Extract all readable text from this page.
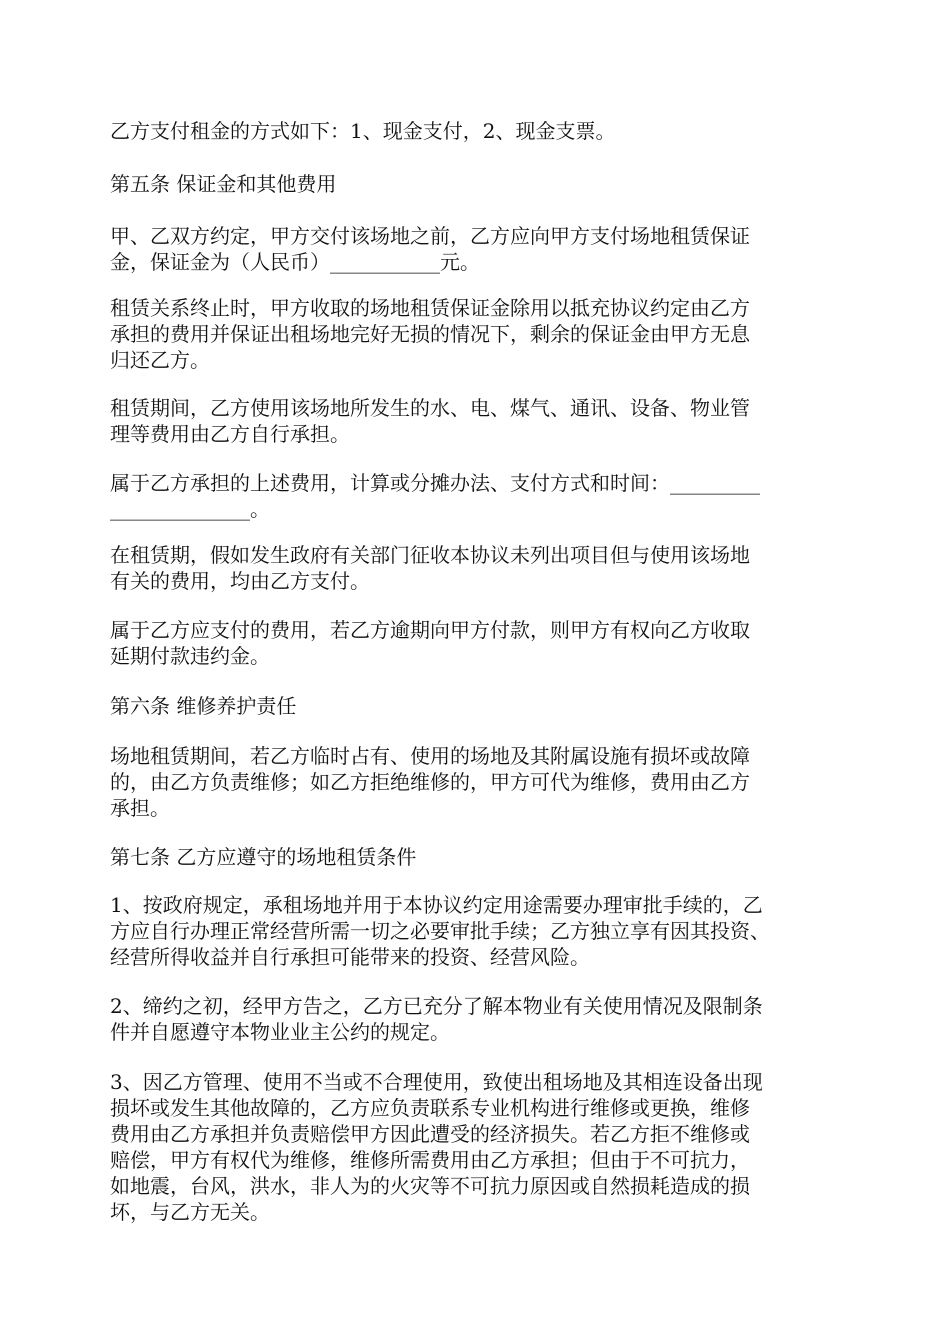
乙方支付租金的方式如下：1、现金支付，2、现金支票。
第五条 保证金和其他费用
甲、乙双方约定，甲方交付该场地之前，乙方应向甲方支付场地租赁保证
金，保证金为（人民币）___________元。
租赁关系终止时，甲方收取的场地租赁保证金除用以抵充协议约定由乙方
承担的费用并保证出租场地完好无损的情况下，剩余的保证金由甲方无息
归还乙方。
租赁期间，乙方使用该场地所发生的水、电、煤气、通讯、设备、物业管
理等费用由乙方自行承担。
属于乙方承担的上述费用，计算或分摊办法、支付方式和时间：_________
______________。
在租赁期，假如发生政府有关部门征收本协议未列出项目但与使用该场地
有关的费用，均由乙方支付。
属于乙方应支付的费用，若乙方逾期向甲方付款，则甲方有权向乙方收取
延期付款违约金。
第六条 维修养护责任
场地租赁期间，若乙方临时占有、使用的场地及其附属设施有损坏或故障
的，由乙方负责维修；如乙方拒绝维修的，甲方可代为维修，费用由乙方
承担。
第七条 乙方应遵守的场地租赁条件
1、按政府规定，承租场地并用于本协议约定用途需要办理审批手续的，乙
方应自行办理正常经营所需一切之必要审批手续；乙方独立享有因其投资、
经营所得收益并自行承担可能带来的投资、经营风险。
2、缔约之初，经甲方告之，乙方已充分了解本物业有关使用情况及限制条
件并自愿遵守本物业业主公约的规定。
3、因乙方管理、使用不当或不合理使用，致使出租场地及其相连设备出现
损坏或发生其他故障的，乙方应负责联系专业机构进行维修或更换，维修
费用由乙方承担并负责赔偿甲方因此遭受的经济损失。若乙方拒不维修或
赔偿，甲方有权代为维修，维修所需费用由乙方承担；但由于不可抗力，
如地震，台风，洪水，非人为的火灾等不可抗力原因或自然损耗造成的损
坏，与乙方无关。
